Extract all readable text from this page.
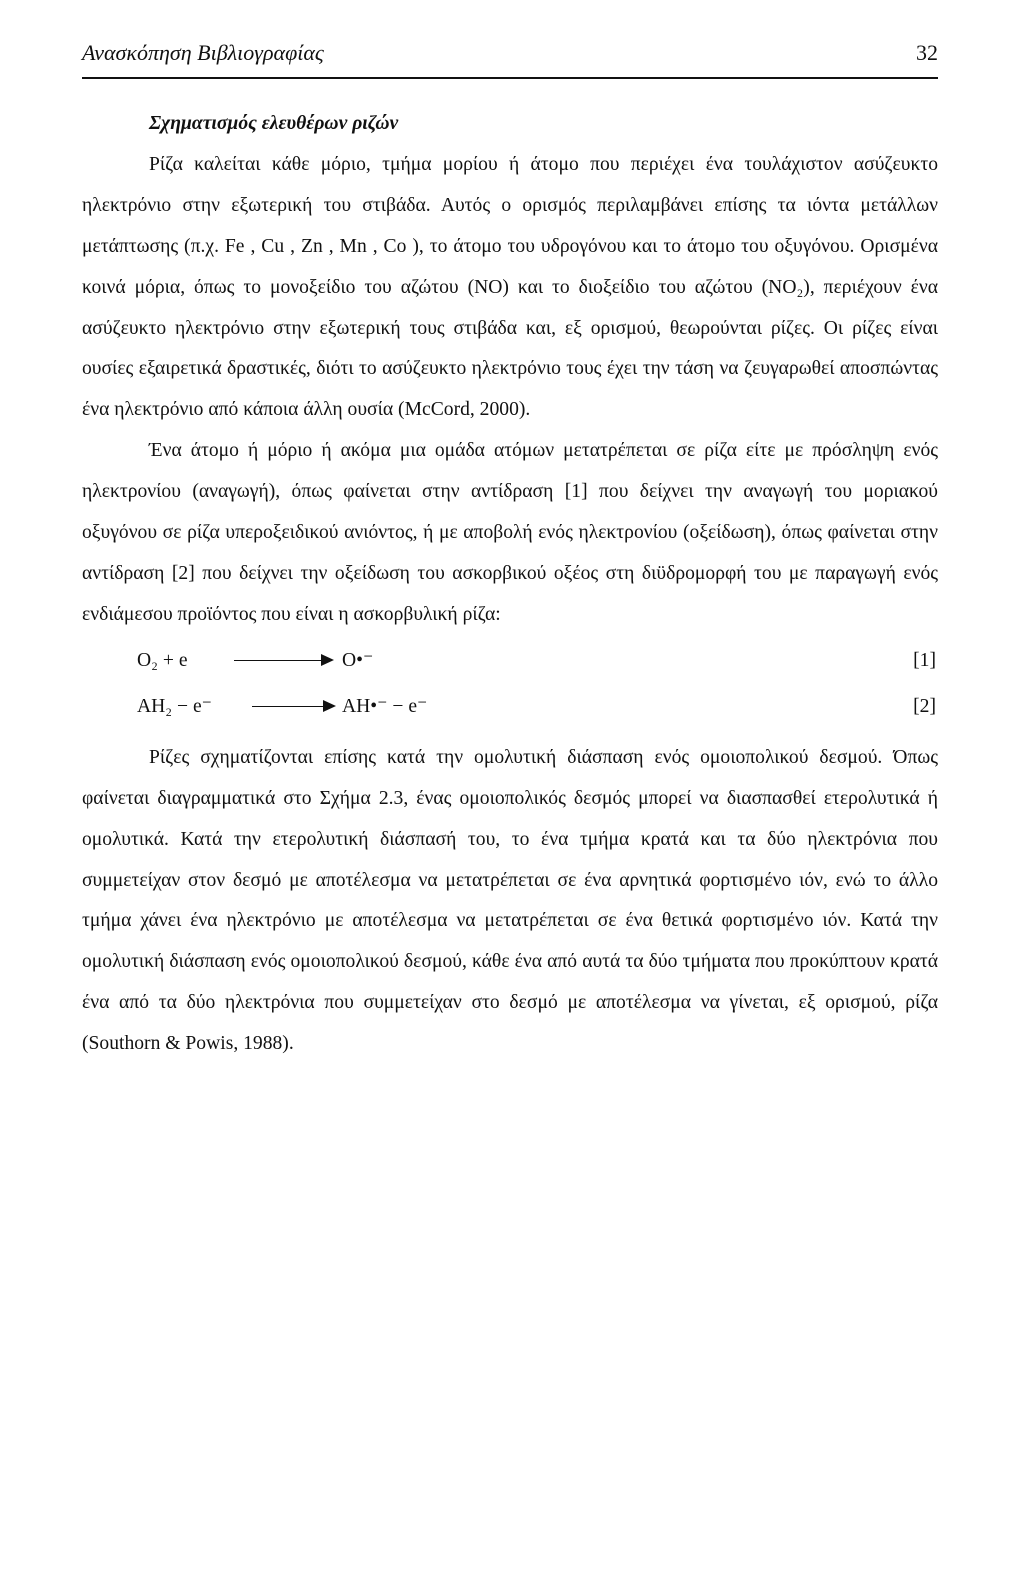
Ανασκόπηση Βιβλιογραφίας	32

Σχηματισμός ελευθέρων ριζών

Ρίζα καλείται κάθε μόριο, τμήμα μορίου ή άτομο που περιέχει ένα τουλάχιστον ασύζευκτο ηλεκτρόνιο στην εξωτερική του στιβάδα. Αυτός ο ορισμός περιλαμβάνει επίσης τα ιόντα μετάλλων μετάπτωσης (π.χ. Fe , Cu , Zn , Mn , Co ), το άτομο του υδρογόνου και το άτομο του οξυγόνου. Ορισμένα κοινά μόρια, όπως το μονοξείδιο του αζώτου (NO) και το διοξείδιο του αζώτου (NO₂), περιέχουν ένα ασύζευκτο ηλεκτρόνιο στην εξωτερική τους στιβάδα και, εξ ορισμού, θεωρούνται ρίζες. Οι ρίζες είναι ουσίες εξαιρετικά δραστικές, διότι το ασύζευκτο ηλεκτρόνιο τους έχει την τάση να ζευγαρωθεί αποσπώντας ένα ηλεκτρόνιο από κάποια άλλη ουσία (McCord, 2000).

Ένα άτομο ή μόριο ή ακόμα μια ομάδα ατόμων μετατρέπεται σε ρίζα είτε με πρόσληψη ενός ηλεκτρονίου (αναγωγή), όπως φαίνεται στην αντίδραση [1] που δείχνει την αναγωγή του μοριακού οξυγόνου σε ρίζα υπεροξειδικού ανιόντος, ή με αποβολή ενός ηλεκτρονίου (οξείδωση), όπως φαίνεται στην αντίδραση [2] που δείχνει την οξείδωση του ασκορβικού οξέος στη διϋδρομορφή του με παραγωγή ενός ενδιάμεσου προϊόντος που είναι η ασκορβυλική ρίζα:

O₂ + e	O•⁻	[1]
AH₂ − e⁻ → AH•⁻ − e⁻	[2]

Ρίζες σχηματίζονται επίσης κατά την ομολυτική διάσπαση ενός ομοιοπολικού δεσμού. Όπως φαίνεται διαγραμματικά στο Σχήμα 2.3, ένας ομοιοπολικός δεσμός μπορεί να διασπασθεί ετερολυτικά ή ομολυτικά. Κατά την ετερολυτική διάσπασή του, το ένα τμήμα κρατά και τα δύο ηλεκτρόνια που συμμετείχαν στον δεσμό με αποτέλεσμα να μετατρέπεται σε ένα αρνητικά φορτισμένο ιόν, ενώ το άλλο τμήμα χάνει ένα ηλεκτρόνιο με αποτέλεσμα να μετατρέπεται σε ένα θετικά φορτισμένο ιόν. Κατά την ομολυτική διάσπαση ενός ομοιοπολικού δεσμού, κάθε ένα από αυτά τα δύο τμήματα που προκύπτουν κρατά ένα από τα δύο ηλεκτρόνια που συμμετείχαν στο δεσμό με αποτέλεσμα να γίνεται, εξ ορισμού, ρίζα (Southorn & Powis, 1988).
